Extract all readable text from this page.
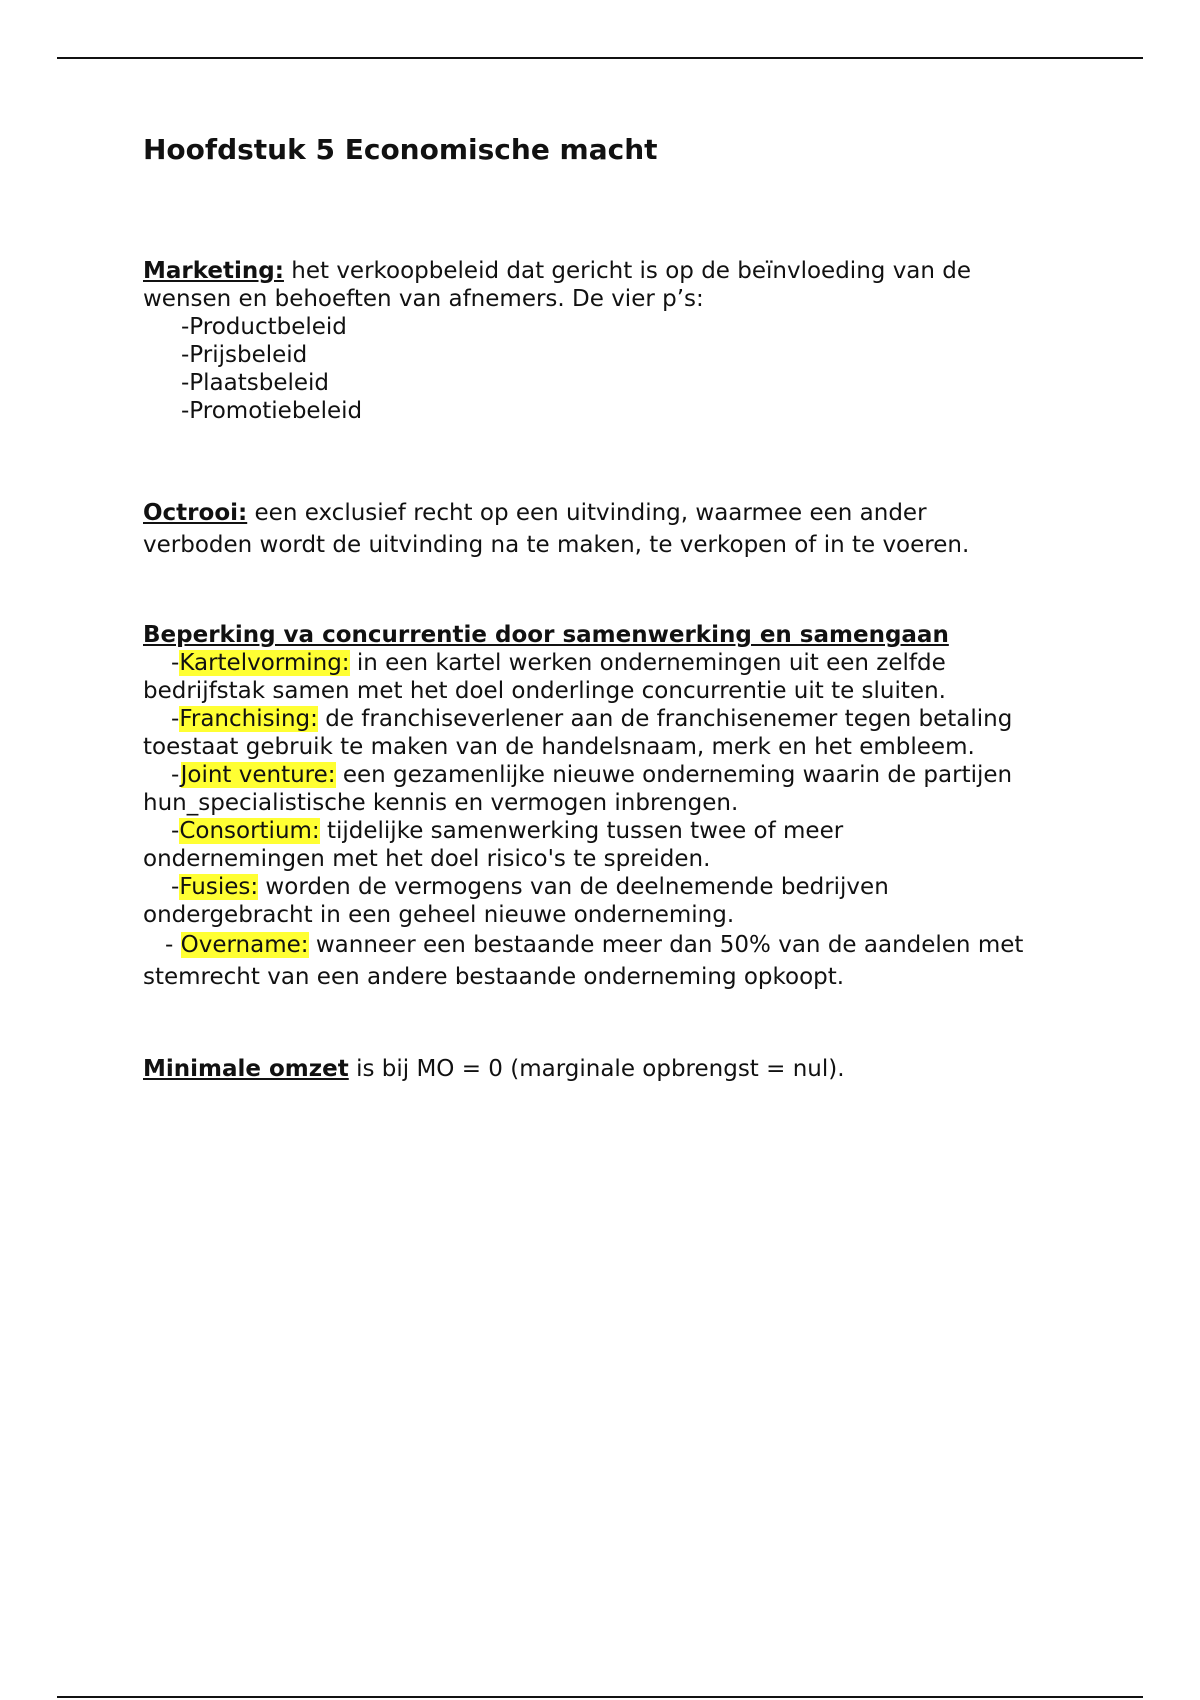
Hoofdstuk 5 Economische macht

Marketing: het verkoopbeleid dat gericht is op de beïnvloeding van de wensen en behoeften van afnemers. De vier p’s:

-Productbeleid
-Prijsbeleid
-Plaatsbeleid
-Promotiebeleid

Octrooi: een exclusief recht op een uitvinding, waarmee een ander verboden wordt de uitvinding na te maken, te verkopen of in te voeren.

Beperking va concurrentie door samenwerking en samengaan

-Kartelvorming: in een kartel werken ondernemingen uit een zelfde bedrijfstak samen met het doel onderlinge concurrentie uit te sluiten.

-Franchising: de franchiseverlener aan de franchisenemer tegen betaling toestaat gebruik te maken van de handelsnaam, merk en het embleem.

-Joint venture: een gezamenlijke nieuwe onderneming waarin de partijen hun_specialistische kennis en vermogen inbrengen.

-Consortium: tijdelijke samenwerking tussen twee of meer ondernemingen met het doel risico's te spreiden.

-Fusies: worden de vermogens van de deelnemende bedrijven ondergebracht in een geheel nieuwe onderneming.

- Overname: wanneer een bestaande meer dan 50% van de aandelen met stemrecht van een andere bestaande onderneming opkoopt.

Minimale omzet is bij MO = 0 (marginale opbrengst = nul).
